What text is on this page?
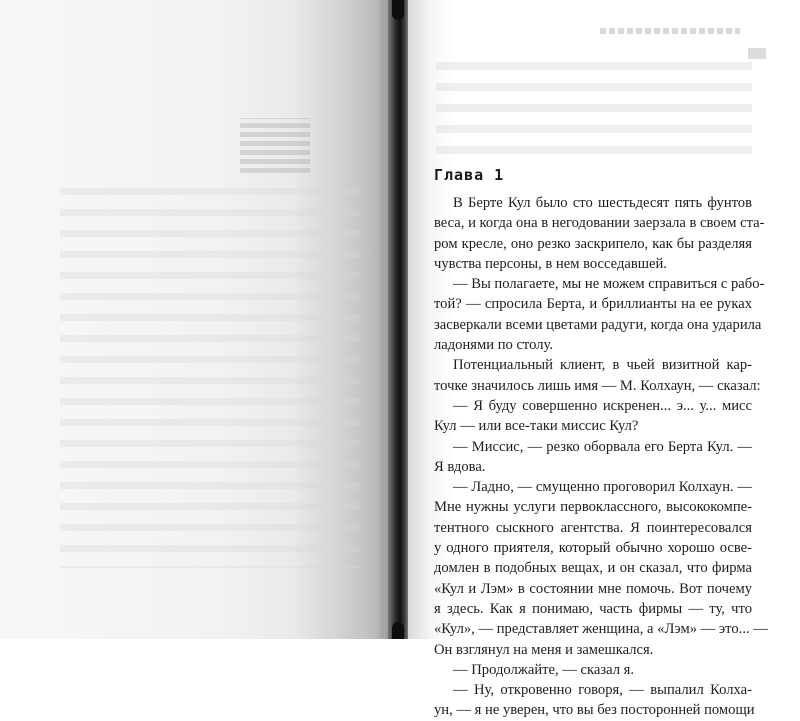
Глава 1
В Берте Кул было сто шестьдесят пять фунтов
веса, и когда она в негодовании заерзала в своем ста-
ром кресле, оно резко заскрипело, как бы разделяя
чувства персоны, в нем восседавшей.
— Вы полагаете, мы не можем справиться с рабо-
той? — спросила Берта, и бриллианты на ее руках
засверкали всеми цветами радуги, когда она ударила
ладонями по столу.
Потенциальный клиент, в чьей визитной кар-
точке значилось лишь имя — М. Колхаун, — сказал:
— Я буду совершенно искренен... э... у... мисс
Кул — или все-таки миссис Кул?
— Миссис, — резко оборвала его Берта Кул. —
Я вдова.
— Ладно, — смущенно проговорил Колхаун. —
Мне нужны услуги первоклассного, высококомпе-
тентного сыскного агентства. Я поинтересовался
у одного приятеля, который обычно хорошо осве-
домлен в подобных вещах, и он сказал, что фирма
«Кул и Лэм» в состоянии мне помочь. Вот почему
я здесь. Как я понимаю, часть фирмы — ту, что
«Кул», — представляет женщина, а «Лэм» — это... —
Он взглянул на меня и замешкался.
— Продолжайте, — сказал я.
— Ну, откровенно говоря, — выпалил Колха-
ун, — я не уверен, что вы без посторонней помощи
